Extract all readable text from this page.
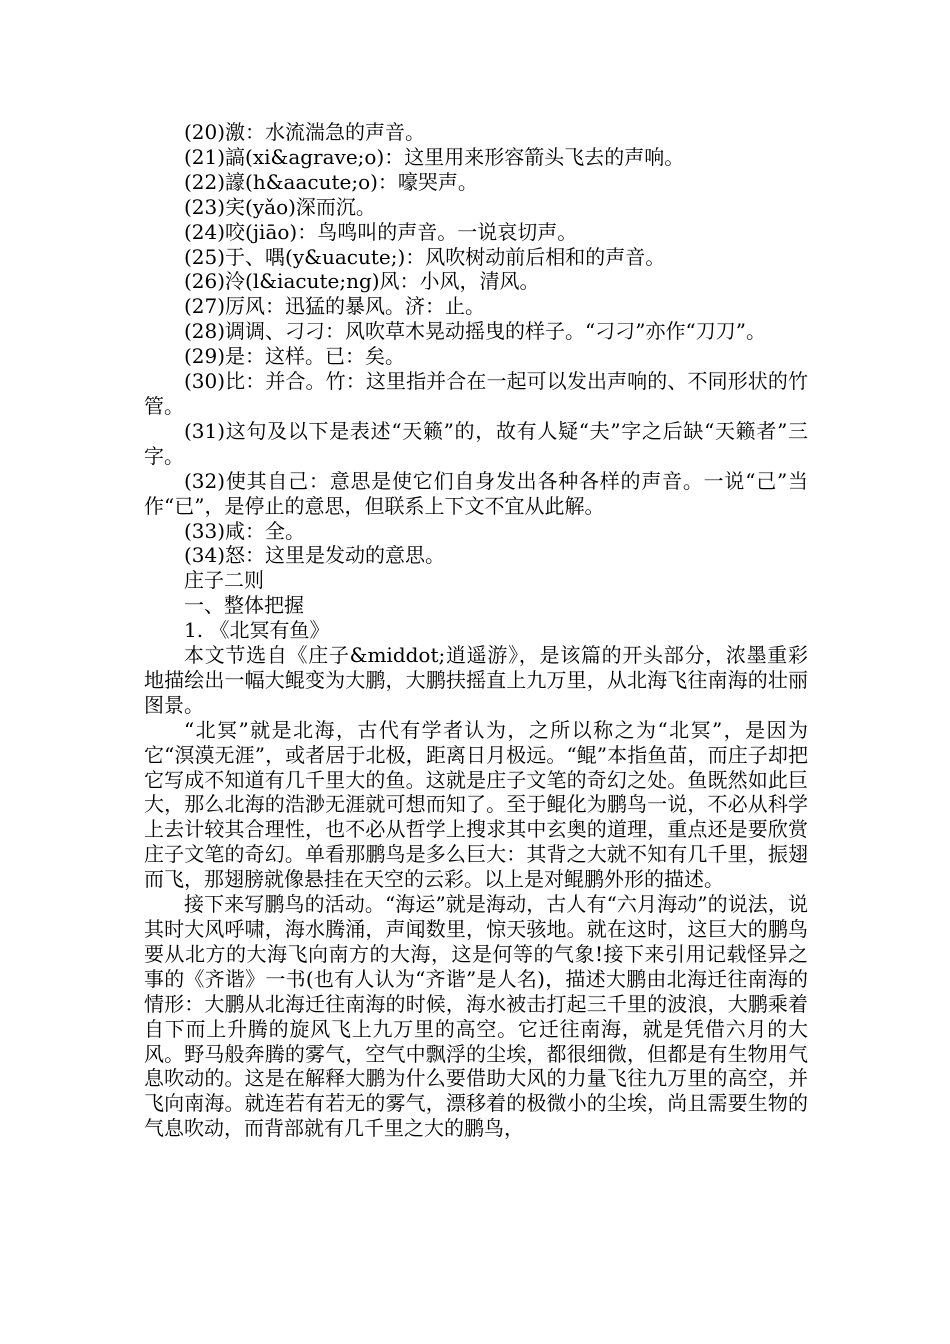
(20)激：水流湍急的声音。

(21)謞(xi&agrave;o)：这里用来形容箭头飞去的声响。

(22)譹(h&aacute;o)：嚎哭声。

(23)宎(yǎo)深而沉。

(24)咬(jiāo)：鸟鸣叫的声音。一说哀切声。

(25)于、喁(y&uacute;)：风吹树动前后相和的声音。

(26)泠(l&iacute;ng)风：小风，清风。

(27)厉风：迅猛的暴风。济：止。

(28)调调、刁刁：风吹草木晃动摇曳的样子。“刁刁”亦作“刀刀”。

(29)是：这样。已：矣。

(30)比：并合。竹：这里指并合在一起可以发出声响的、不同形状的竹管。

(31)这句及以下是表述“天籁”的，故有人疑“夫”字之后缺“天籁者”三字。

(32)使其自己：意思是使它们自身发出各种各样的声音。一说“己”当作“已”，是停止的意思，但联系上下文不宜从此解。

(33)咸：全。

(34)怒：这里是发动的意思。

庄子二则

一、整体把握

1. 《北冥有鱼》

本文节选自《庄子&middot;逍遥游》，是该篇的开头部分，浓墨重彩地描绘出一幅大鲲变为大鹏，大鹏扶摇直上九万里，从北海飞往南海的壮丽图景。

“北冥”就是北海，古代有学者认为，之所以称之为“北冥”，是因为它“溟漠无涯”，或者居于北极，距离日月极远。“鲲”本指鱼苗，而庄子却把它写成不知道有几千里大的鱼。这就是庄子文笔的奇幻之处。鱼既然如此巨大，那么北海的浩渺无涯就可想而知了。至于鲲化为鹏鸟一说，不必从科学上去计较其合理性，也不必从哲学上搜求其中玄奥的道理，重点还是要欣赏庄子文笔的奇幻。单看那鹏鸟是多么巨大：其背之大就不知有几千里，振翅而飞，那翅膀就像悬挂在天空的云彩。以上是对鲲鹏外形的描述。

接下来写鹏鸟的活动。“海运”就是海动，古人有“六月海动”的说法，说其时大风呼啸，海水腾涌，声闻数里，惊天骇地。就在这时，这巨大的鹏鸟要从北方的大海飞向南方的大海，这是何等的气象!接下来引用记载怪异之事的《齐谐》一书(也有人认为“齐谐”是人名)，描述大鹏由北海迁往南海的情形：大鹏从北海迁往南海的时候，海水被击打起三千里的波浪，大鹏乘着自下而上升腾的旋风飞上九万里的高空。它迁往南海，就是凭借六月的大风。野马般奔腾的雾气，空气中飘浮的尘埃，都很细微，但都是有生物用气息吹动的。这是在解释大鹏为什么要借助大风的力量飞往九万里的高空，并飞向南海。就连若有若无的雾气，漂移着的极微小的尘埃，尚且需要生物的气息吹动，而背部就有几千里之大的鹏鸟，
